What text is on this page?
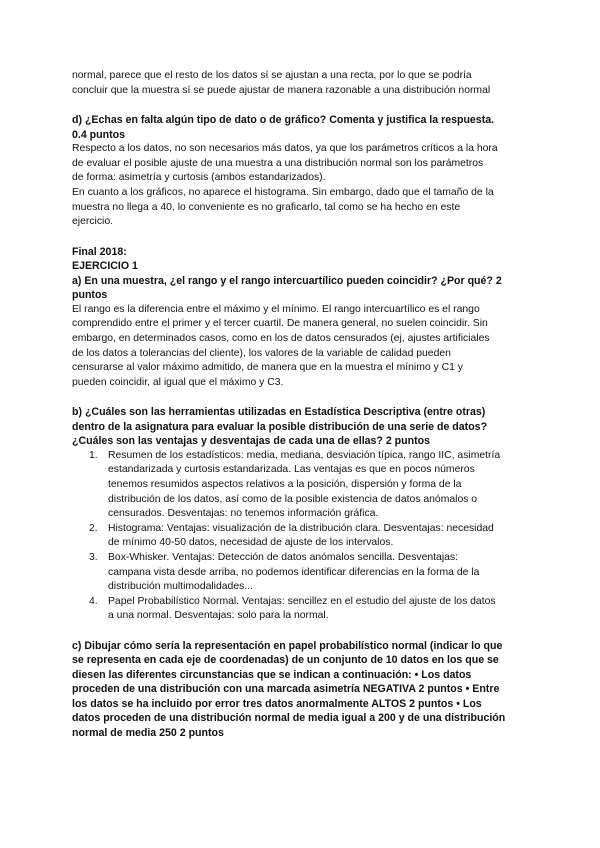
normal, parece que el resto de los datos sí se ajustan a una recta, por lo que se podría

concluir que la muestra sí se puede ajustar de manera razonable a una distribución normal

d) ¿Echas en falta algún tipo de dato o de gráfico? Comenta y justifica la respuesta.

0.4 puntos

Respecto a los datos, no son necesarios más datos, ya que los parámetros críticos a la hora

de evaluar el posible ajuste de una muestra a una distribución normal son los parámetros

de forma: asimetría y curtosis (ambos estandarizados).

En cuanto a los gráficos, no aparece el histograma. Sin embargo, dado que el tamaño de la

muestra no llega a 40, lo conveniente es no graficarlo, tal como se ha hecho en este

ejercicio.

Final 2018:

EJERCICIO 1

a) En una muestra, ¿el rango y el rango intercuartílico pueden coincidir? ¿Por qué? 2

puntos

El rango es la diferencia entre el máximo y el mínimo. El rango intercuartílico es el rango

comprendido entre el primer y el tercer cuartil. De manera general, no suelen coincidir. Sin

embargo, en determinados casos, como en los de datos censurados (ej, ajustes artificiales

de los datos a tolerancias del cliente), los valores de la variable de calidad pueden

censurarse al valor máximo admitido, de manera que en la muestra el mínimo y C1 y

pueden coincidir, al igual que el máximo y C3.

b) ¿Cuáles son las herramientas utilizadas en Estadística Descriptiva (entre otras)

dentro de la asignatura para evaluar la posible distribución de una serie de datos?

¿Cuáles son las ventajas y desventajas de cada una de ellas? 2 puntos

1. Resumen de los estadísticos: media, mediana, desviación típica, rango IIC, asimetría

estandarizada y curtosis estandarizada. Las ventajas es que en pocos números

tenemos resumidos aspectos relativos a la posición, dispersión y forma de la

distribución de los datos, así como de la posible existencia de datos anómalos o

censurados. Desventajas: no tenemos información gráfica.

2. Histograma: Ventajas: visualización de la distribución clara. Desventajas: necesidad

de mínimo 40-50 datos, necesidad de ajuste de los intervalos.

3. Box-Whisker. Ventajas: Detección de datos anómalos sencilla. Desventajas:

campana vista desde arriba, no podemos identificar diferencias en la forma de la

distribución multimodalidades...

4. Papel Probabilístico Normal. Ventajas: sencillez en el estudio del ajuste de los datos

a una normal. Desventajas: solo para la normal.

c) Dibujar cómo sería la representación en papel probabilístico normal (indicar lo que

se representa en cada eje de coordenadas) de un conjunto de 10 datos en los que se

diesen las diferentes circunstancias que se indican a continuación: • Los datos

proceden de una distribución con una marcada asimetría NEGATIVA 2 puntos • Entre

los datos se ha incluido por error tres datos anormalmente ALTOS 2 puntos • Los

datos proceden de una distribución normal de media igual a 200 y de una distribución

normal de media 250 2 puntos
